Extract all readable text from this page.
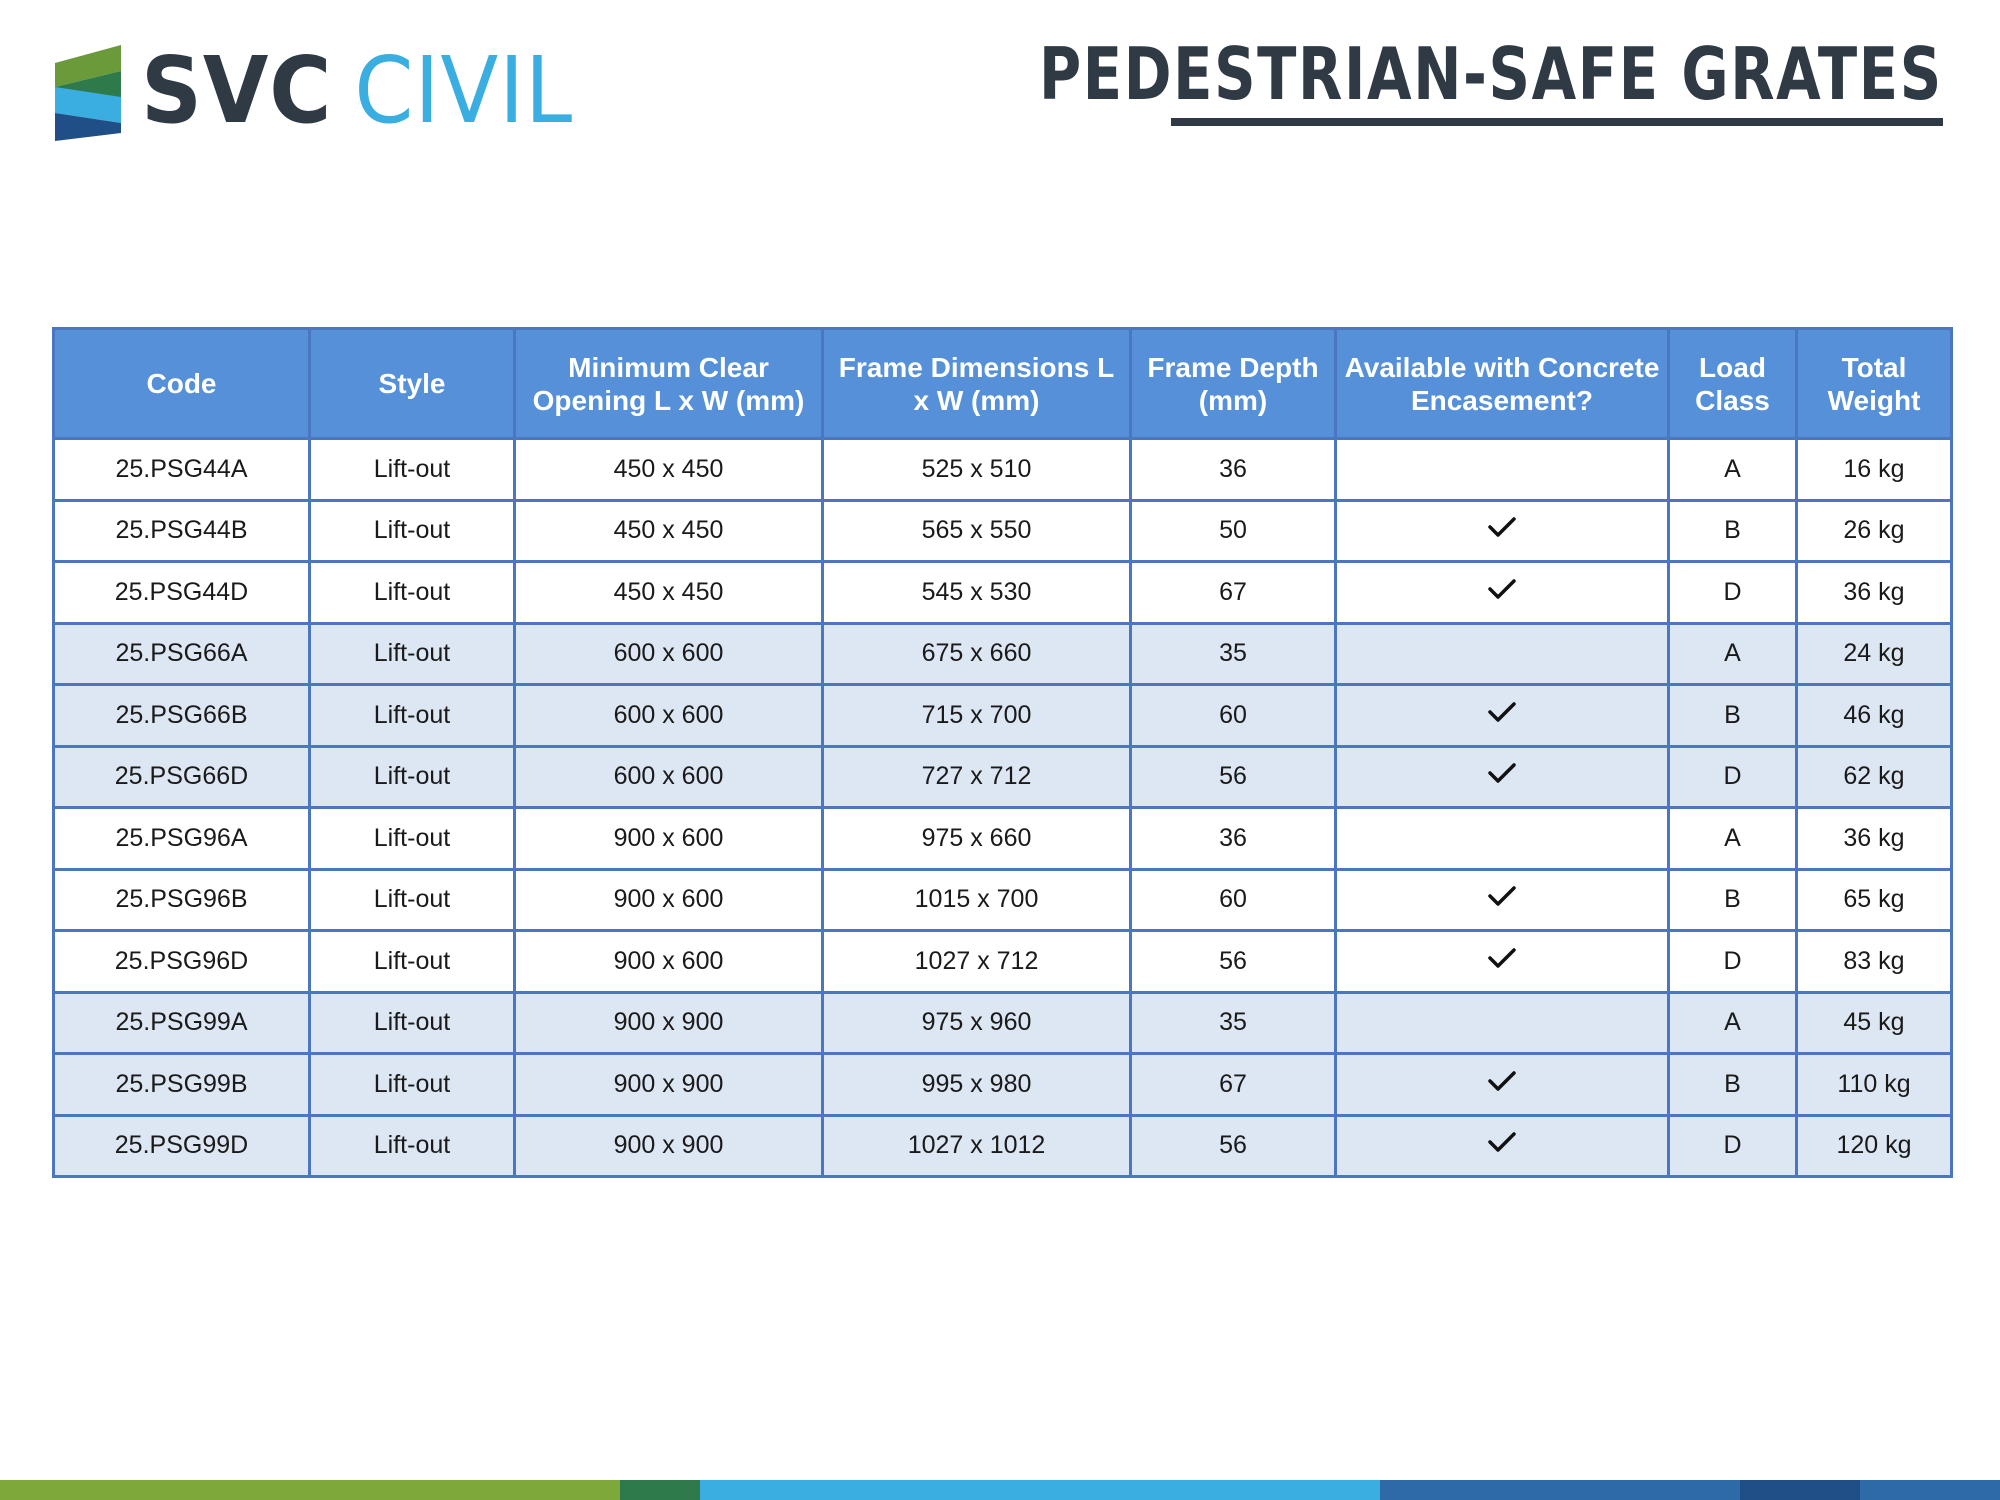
SVC CIVIL	PEDESTRIAN-SAFE GRATES
Code	Style	Minimum Clear Opening L x W (mm)	Frame Dimensions L x W (mm)	Frame Depth (mm)	Available with Concrete Encasement?	Load Class	Total Weight
25.PSG44A	Lift-out	450 x 450	525 x 510	36		A	16 kg
25.PSG44B	Lift-out	450 x 450	565 x 550	50		B	26 kg
25.PSG44D	Lift-out	450 x 450	545 x 530	67		D	36 kg
25.PSG66A	Lift-out	600 x 600	675 x 660	35		A	24 kg
25.PSG66B	Lift-out	600 x 600	715 x 700	60		B	46 kg
25.PSG66D	Lift-out	600 x 600	727 x 712	56		D	62 kg
25.PSG96A	Lift-out	900 x 600	975 x 660	36		A	36 kg
25.PSG96B	Lift-out	900 x 600	1015 x 700	60		B	65 kg
25.PSG96D	Lift-out	900 x 600	1027 x 712	56		D	83 kg
25.PSG99A	Lift-out	900 x 900	975 x 960	35		A	45 kg
25.PSG99B	Lift-out	900 x 900	995 x 980	67		B	110 kg
25.PSG99D	Lift-out	900 x 900	1027 x 1012	56		D	120 kg
